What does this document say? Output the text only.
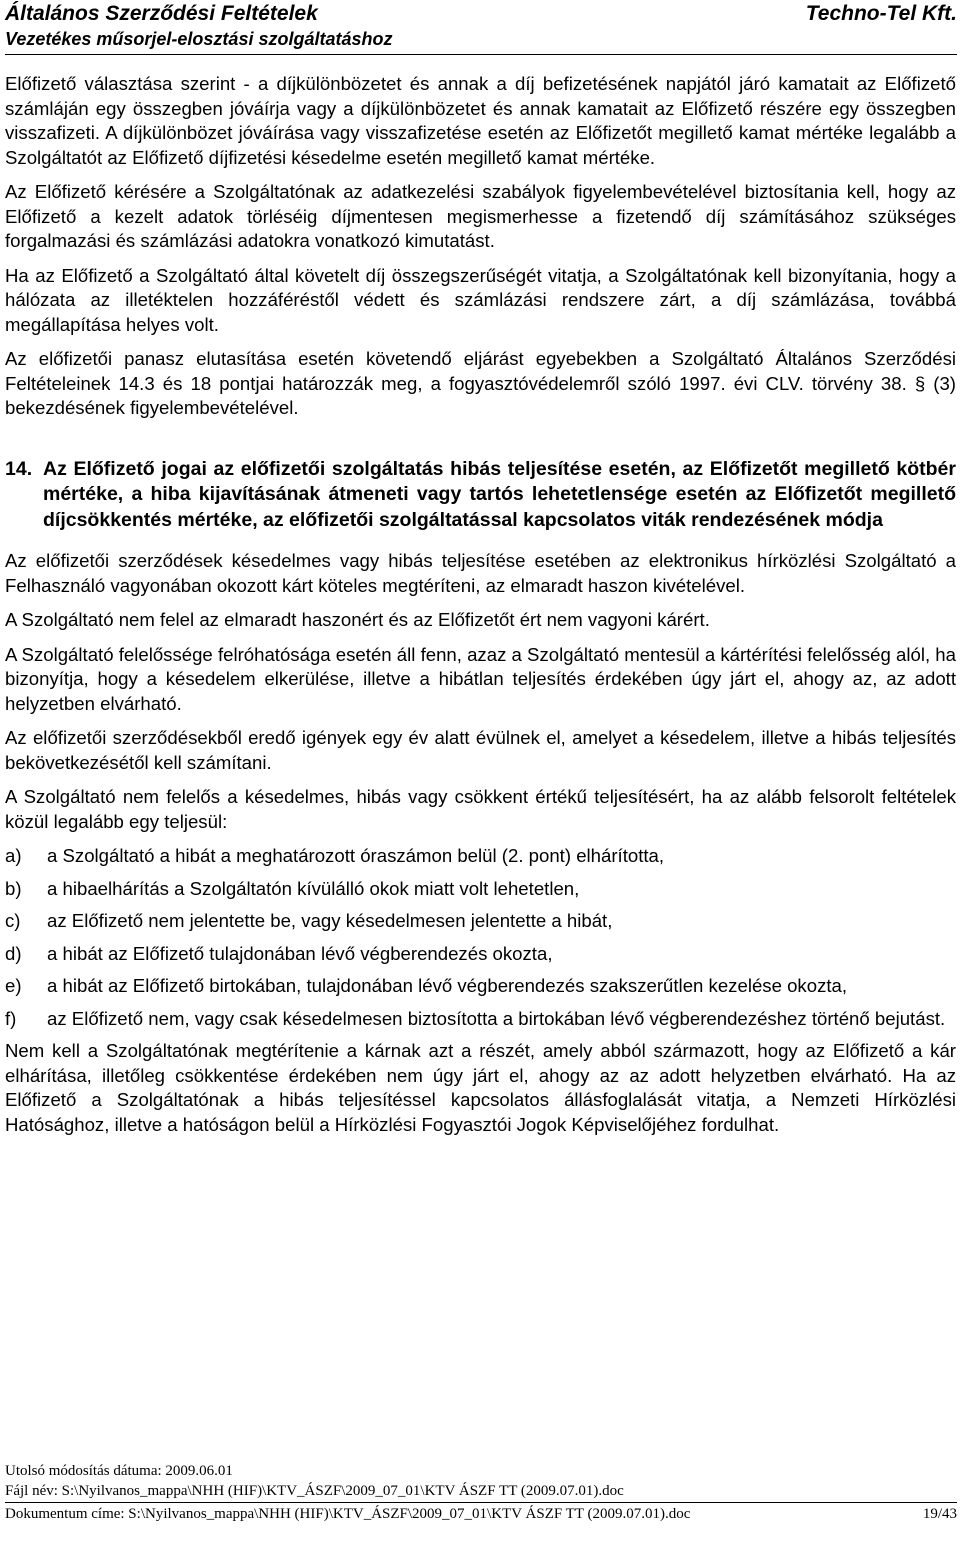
Általános Szerződési Feltételek
Vezetékes műsorjel-elosztási szolgáltatáshoz
Techno-Tel Kft.

Előfizető választása szerint - a díjkülönbözetet és annak a díj befizetésének napjától járó kamatait az Előfizető számláján egy összegben jóváírja vagy a díjkülönbözetet és annak kamatait az Előfizető részére egy összegben visszafizeti. A díjkülönbözet jóváírása vagy visszafizetése esetén az Előfizetőt megillető kamat mértéke legalább a Szolgáltatót az Előfizető díjfizetési késedelme esetén megillető kamat mértéke.

Az Előfizető kérésére a Szolgáltatónak az adatkezelési szabályok figyelembevételével biztosítania kell, hogy az Előfizető a kezelt adatok törléséig díjmentesen megismerhesse a fizetendő díj számításához szükséges forgalmazási és számlázási adatokra vonatkozó kimutatást.

Ha az Előfizető a Szolgáltató által követelt díj összegszerűségét vitatja, a Szolgáltatónak kell bizonyítania, hogy a hálózata az illetéktelen hozzáféréstől védett és számlázási rendszere zárt, a díj számlázása, továbbá megállapítása helyes volt.

Az előfizetői panasz elutasítása esetén követendő eljárást egyebekben a Szolgáltató Általános Szerződési Feltételeinek 14.3 és 18 pontjai határozzák meg, a fogyasztóvédelemről szóló 1997. évi CLV. törvény 38. § (3) bekezdésének figyelembevételével.

14. Az Előfizető jogai az előfizetői szolgáltatás hibás teljesítése esetén, az Előfizetőt megillető kötbér mértéke, a hiba kijavításának átmeneti vagy tartós lehetetlensége esetén az Előfizetőt megillető díjcsökkentés mértéke, az előfizetői szolgáltatással kapcsolatos viták rendezésének módja

Az előfizetői szerződések késedelmes vagy hibás teljesítése esetében az elektronikus hírközlési Szolgáltató a Felhasználó vagyonában okozott kárt köteles megtéríteni, az elmaradt haszon kivételével.

A Szolgáltató nem felel az elmaradt haszonért és az Előfizetőt ért nem vagyoni kárért.

A Szolgáltató felelőssége felróhatósága esetén áll fenn, azaz a Szolgáltató mentesül a kártérítési felelősség alól, ha bizonyítja, hogy a késedelem elkerülése, illetve a hibátlan teljesítés érdekében úgy járt el, ahogy az, az adott helyzetben elvárható.

Az előfizetői szerződésekből eredő igények egy év alatt évülnek el, amelyet a késedelem, illetve a hibás teljesítés bekövetkezésétől kell számítani.

A Szolgáltató nem felelős a késedelmes, hibás vagy csökkent értékű teljesítésért, ha az alább felsorolt feltételek közül legalább egy teljesül:

a)	a Szolgáltató a hibát a meghatározott óraszámon belül (2. pont) elhárította,
b)	a hibaelhárítás a Szolgáltatón kívülálló okok miatt volt lehetetlen,
c)	az Előfizető nem jelentette be, vagy késedelmesen jelentette a hibát,
d)	a hibát az Előfizető tulajdonában lévő végberendezés okozta,
e)	a hibát az Előfizető birtokában, tulajdonában lévő végberendezés szakszerűtlen kezelése okozta,
f)	az Előfizető nem, vagy csak késedelmesen biztosította a birtokában lévő végberendezéshez történő bejutást.

Nem kell a Szolgáltatónak megtérítenie a kárnak azt a részét, amely abból származott, hogy az Előfizető a kár elhárítása, illetőleg csökkentése érdekében nem úgy járt el, ahogy az az adott helyzetben elvárható. Ha az Előfizető a Szolgáltatónak a hibás teljesítéssel kapcsolatos állásfoglalását vitatja, a Nemzeti Hírközlési Hatósághoz, illetve a hatóságon belül a Hírközlési Fogyasztói Jogok Képviselőjéhez fordulhat.

Utolsó módosítás dátuma: 2009.06.01
Fájl név: S:\Nyilvanos_mappa\NHH (HIF)\KTV_ÁSZF\2009_07_01\KTV ÁSZF TT (2009.07.01).doc
Dokumentum címe: S:\Nyilvanos_mappa\NHH (HIF)\KTV_ÁSZF\2009_07_01\KTV ÁSZF TT (2009.07.01).doc	19/43
